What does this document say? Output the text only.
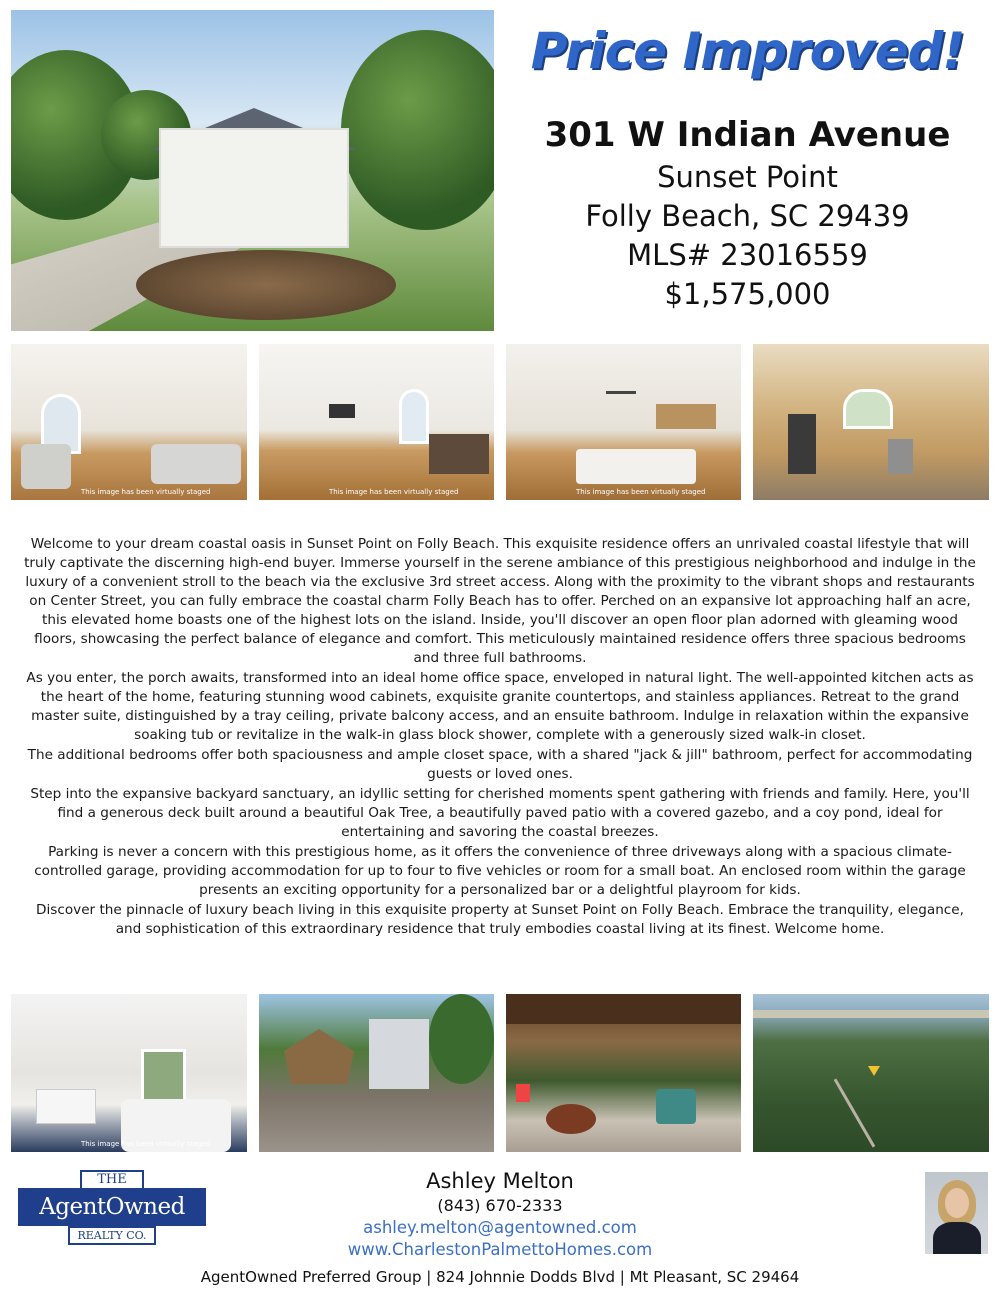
Price Improved!
301 W Indian Avenue
Sunset Point
Folly Beach, SC 29439
MLS# 23016559
$1,575,000
This image has been virtually staged	This image has been virtually staged	This image has been virtually staged

Welcome to your dream coastal oasis in Sunset Point on Folly Beach. This exquisite residence offers an unrivaled coastal lifestyle that will truly captivate the discerning high-end buyer. Immerse yourself in the serene ambiance of this prestigious neighborhood and indulge in the luxury of a convenient stroll to the beach via the exclusive 3rd street access. Along with the proximity to the vibrant shops and restaurants on Center Street, you can fully embrace the coastal charm Folly Beach has to offer. Perched on an expansive lot approaching half an acre, this elevated home boasts one of the highest lots on the island. Inside, you'll discover an open floor plan adorned with gleaming wood floors, showcasing the perfect balance of elegance and comfort. This meticulously maintained residence offers three spacious bedrooms and three full bathrooms.

As you enter, the porch awaits, transformed into an ideal home office space, enveloped in natural light. The well-appointed kitchen acts as the heart of the home, featuring stunning wood cabinets, exquisite granite countertops, and stainless appliances. Retreat to the grand master suite, distinguished by a tray ceiling, private balcony access, and an ensuite bathroom. Indulge in relaxation within the expansive soaking tub or revitalize in the walk-in glass block shower, complete with a generously sized walk-in closet.

The additional bedrooms offer both spaciousness and ample closet space, with a shared "jack & jill" bathroom, perfect for accommodating guests or loved ones.

Step into the expansive backyard sanctuary, an idyllic setting for cherished moments spent gathering with friends and family. Here, you'll find a generous deck built around a beautiful Oak Tree, a beautifully paved patio with a covered gazebo, and a coy pond, ideal for entertaining and savoring the coastal breezes.

Parking is never a concern with this prestigious home, as it offers the convenience of three driveways along with a spacious climate-controlled garage, providing accommodation for up to four to five vehicles or room for a small boat. An enclosed room within the garage presents an exciting opportunity for a personalized bar or a delightful playroom for kids.

Discover the pinnacle of luxury beach living in this exquisite property at Sunset Point on Folly Beach. Embrace the tranquility, elegance, and sophistication of this extraordinary residence that truly embodies coastal living at its finest. Welcome home.

This image has been virtually staged
THE
AgentOwned
REALTY CO.
Ashley Melton
(843) 670-2333
ashley.melton@agentowned.com
www.CharlestonPalmettoHomes.com
AgentOwned Preferred Group | 824 Johnnie Dodds Blvd | Mt Pleasant, SC 29464
